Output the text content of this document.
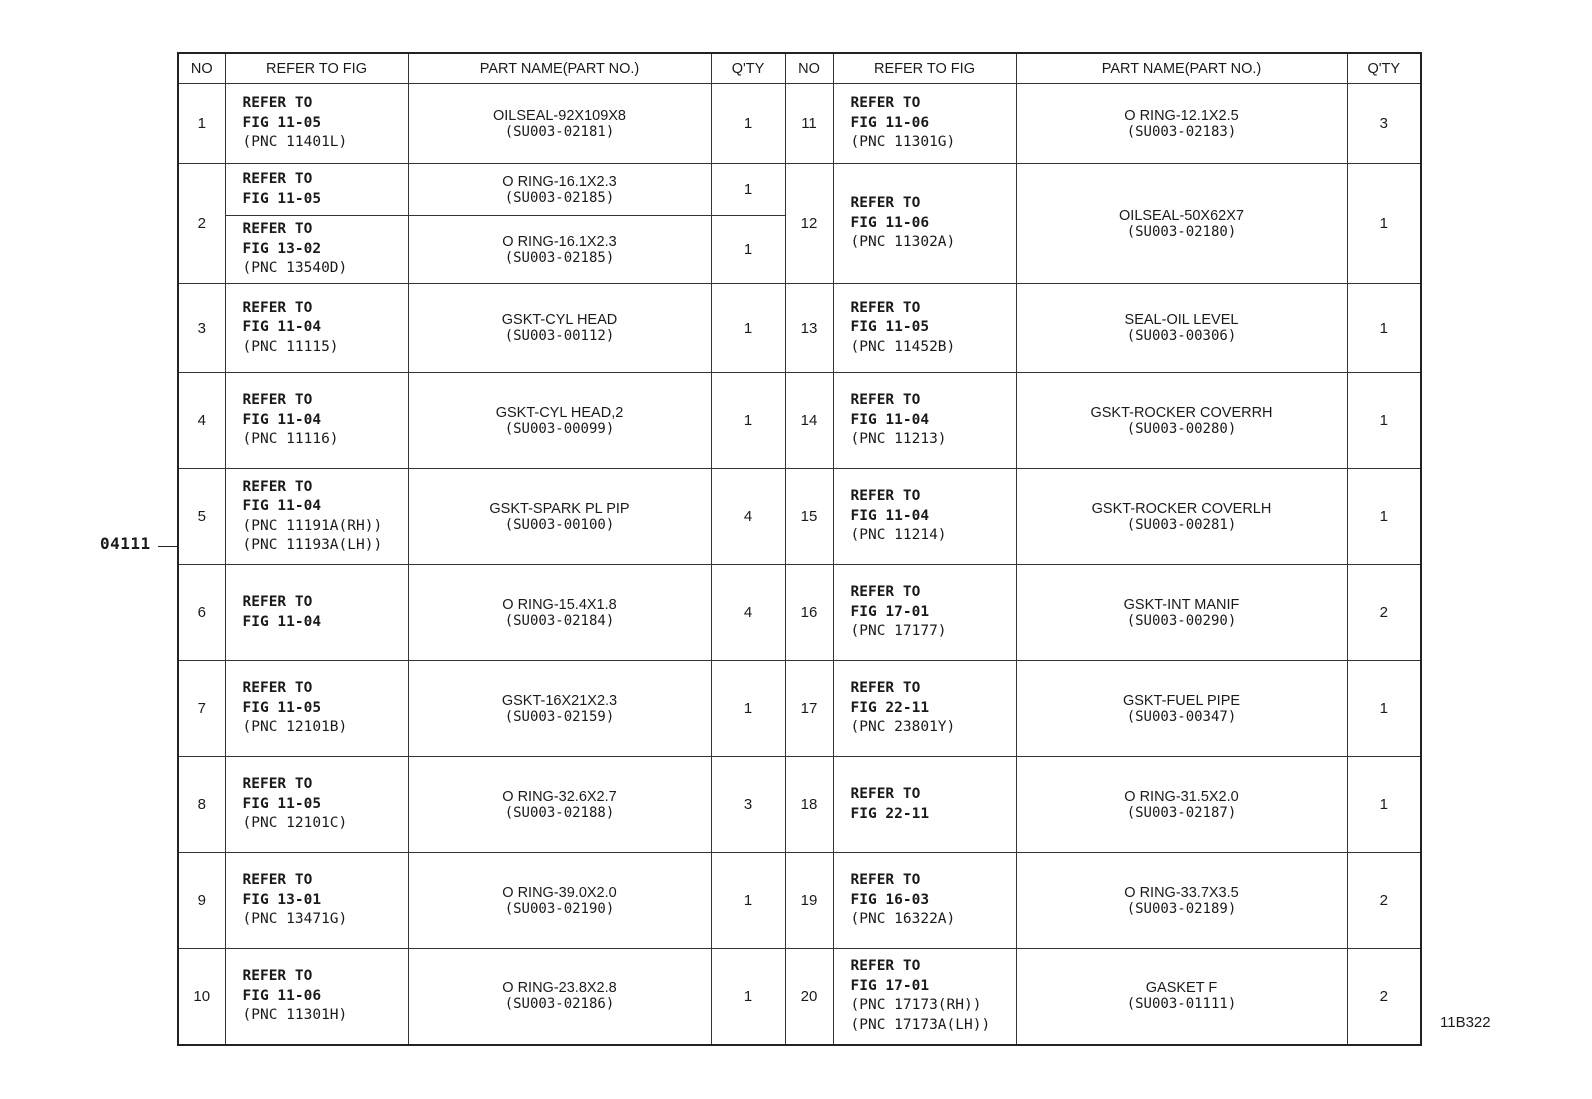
04111
NO	REFER TO FIG	PART NAME(PART NO.)	Q'TY	NO	REFER TO FIG	PART NAME(PART NO.)	Q'TY
1	REFER TO
FIG 11-05
(PNC 11401L)	OILSEAL-92X109X8
(SU003-02181)	1	11	REFER TO
FIG 11-06
(PNC 11301G)	O RING-12.1X2.5
(SU003-02183)	3
2	REFER TO
FIG 11-05	O RING-16.1X2.3
(SU003-02185)	1	12	REFER TO
FIG 11-06
(PNC 11302A)	OILSEAL-50X62X7
(SU003-02180)	1

	REFER TO
FIG 13-02
(PNC 13540D)	O RING-16.1X2.3
(SU003-02185)	1				
3	REFER TO
FIG 11-04
(PNC 11115)	GSKT-CYL HEAD
(SU003-00112)	1	13	REFER TO
FIG 11-05
(PNC 11452B)	SEAL-OIL LEVEL
(SU003-00306)	1
4	REFER TO
FIG 11-04
(PNC 11116)	GSKT-CYL HEAD,2
(SU003-00099)	1	14	REFER TO
FIG 11-04
(PNC 11213)	GSKT-ROCKER COVERRH
(SU003-00280)	1
5	REFER TO
FIG 11-04
(PNC 11191A(RH))
(PNC 11193A(LH))	GSKT-SPARK PL PIP
(SU003-00100)	4	15	REFER TO
FIG 11-04
(PNC 11214)	GSKT-ROCKER COVERLH
(SU003-00281)	1
6	REFER TO
FIG 11-04	O RING-15.4X1.8
(SU003-02184)	4	16	REFER TO
FIG 17-01
(PNC 17177)	GSKT-INT MANIF
(SU003-00290)	2
7	REFER TO
FIG 11-05
(PNC 12101B)	GSKT-16X21X2.3
(SU003-02159)	1	17	REFER TO
FIG 22-11
(PNC 23801Y)	GSKT-FUEL PIPE
(SU003-00347)	1
8	REFER TO
FIG 11-05
(PNC 12101C)	O RING-32.6X2.7
(SU003-02188)	3	18	REFER TO
FIG 22-11	O RING-31.5X2.0
(SU003-02187)	1
9	REFER TO
FIG 13-01
(PNC 13471G)	O RING-39.0X2.0
(SU003-02190)	1	19	REFER TO
FIG 16-03
(PNC 16322A)	O RING-33.7X3.5
(SU003-02189)	2
10	REFER TO
FIG 11-06
(PNC 11301H)	O RING-23.8X2.8
(SU003-02186)	1	20	REFER TO
FIG 17-01
(PNC 17173(RH))
(PNC 17173A(LH))	GASKET F
(SU003-01111)	2
11B322
